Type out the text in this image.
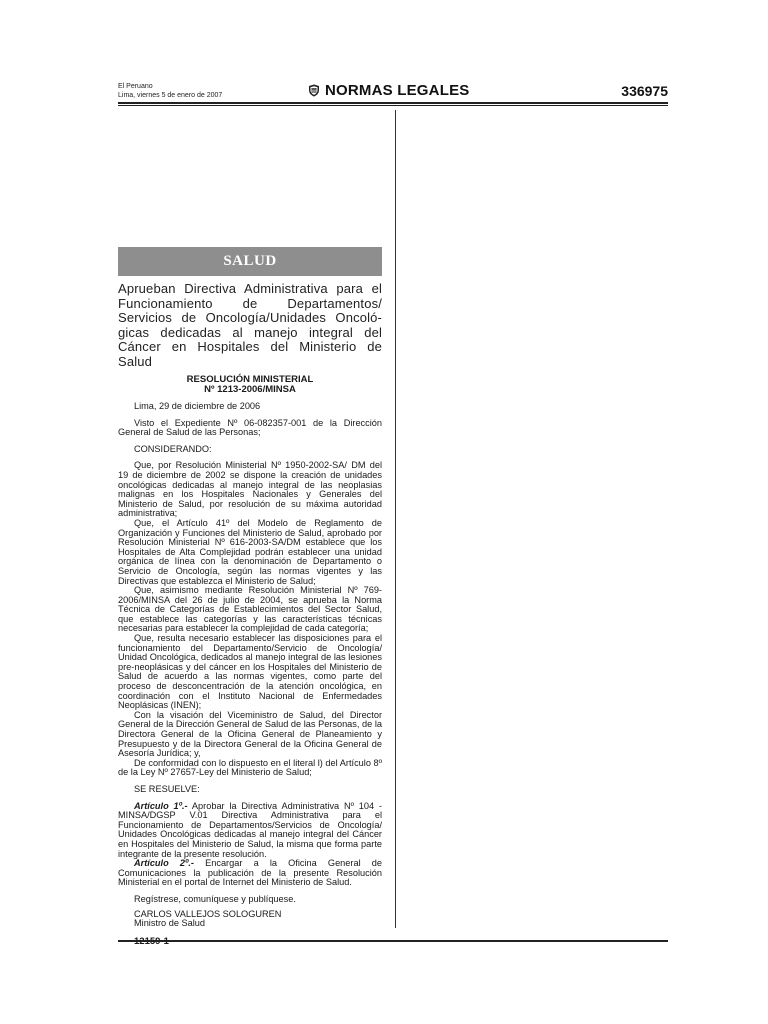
El Peruano
Lima, viernes 5 de enero de 2007	NORMAS LEGALES	336975
SALUD

Aprueban Directiva Administrativa para el Funcionamiento de Departamentos/ Servicios de Oncología/Unidades Oncoló- gicas dedicadas al manejo integral del Cáncer en Hospitales del Ministerio de Salud

RESOLUCIÓN MINISTERIAL
Nº 1213-2006/MINSA

Lima, 29 de diciembre de 2006

Visto el Expediente Nº 06-082357-001 de la Dirección General de Salud de las Personas;

CONSIDERANDO:

Que, por Resolución Ministerial Nº 1950-2002-SA/ DM del 19 de diciembre de 2002 se dispone la creación de unidades oncológicas dedicadas al manejo integral de las neoplasias malignas en los Hospitales Nacionales y Generales del Ministerio de Salud, por resolución de su máxima autoridad administrativa;

Que, el Artículo 41º del Modelo de Reglamento de Organización y Funciones del Ministerio de Salud, aprobado por Resolución Ministerial Nº 616-2003-SA/DM establece que los Hospitales de Alta Complejidad podrán establecer una unidad orgánica de línea con la denominación de Departamento o Servicio de Oncología, según las normas vigentes y las Directivas que establezca el Ministerio de Salud;

Que, asimismo mediante Resolución Ministerial Nº 769-2006/MINSA del 26 de julio de 2004, se aprueba la Norma Técnica de Categorías de Establecimientos del Sector Salud, que establece las categorías y las características técnicas necesarias para establecer la complejidad de cada categoría;

Que, resulta necesario establecer las disposiciones para el funcionamiento del Departamento/Servicio de Oncología/ Unidad Oncológica, dedicados al manejo integral de las lesiones pre-neoplásicas y del cáncer en los Hospitales del Ministerio de Salud de acuerdo a las normas vigentes, como parte del proceso de desconcentración de la atención oncológica, en coordinación con el Instituto Nacional de Enfermedades Neoplásicas (INEN);

Con la visación del Viceministro de Salud, del Director General de la Dirección General de Salud de las Personas, de la Directora General de la Oficina General de Planeamiento y Presupuesto y de la Directora General de la Oficina General de Asesoría Jurídica; y,

De conformidad con lo dispuesto en el literal l) del Artículo 8º de la Ley Nº 27657-Ley del Ministerio de Salud;

SE RESUELVE:

Artículo 1º.- Aprobar la Directiva Administrativa Nº 104 -MINSA/DGSP V.01 Directiva Administrativa para el Funcionamiento de Departamentos/Servicios de Oncología/ Unidades Oncológicas dedicadas al manejo integral del Cáncer en Hospitales del Ministerio de Salud, la misma que forma parte integrante de la presente resolución.

Artículo 2º.- Encargar a la Oficina General de Comunicaciones la publicación de la presente Resolución Ministerial en el portal de Internet del Ministerio de Salud.

Regístrese, comuníquese y publíquese.

CARLOS VALLEJOS SOLOGUREN

Ministro de Salud
